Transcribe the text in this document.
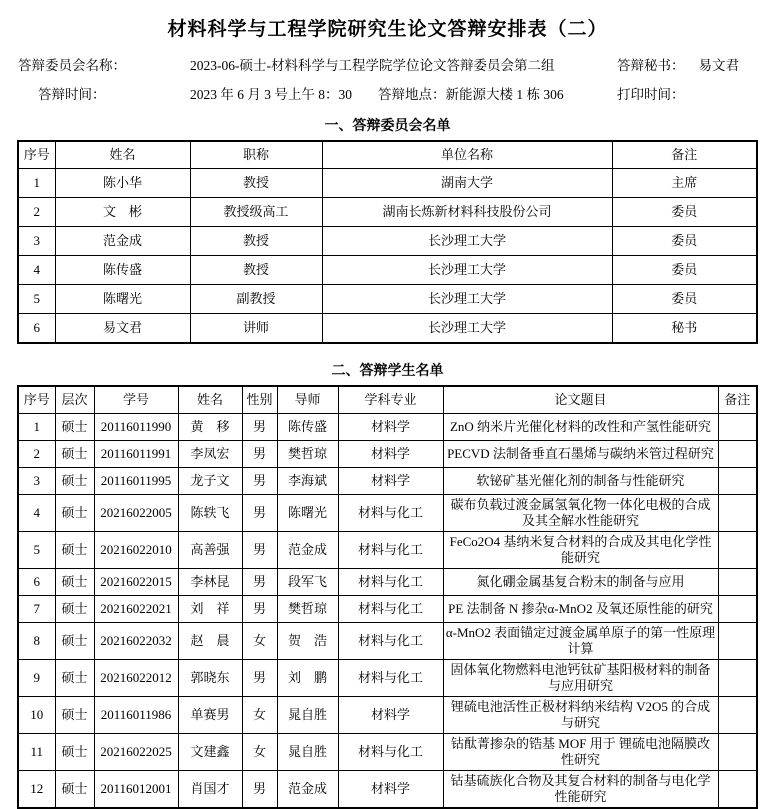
材料科学与工程学院研究生论文答辩安排表（二）
答辩委员会名称：	2023-06-硕士-材料科学与工程学院学位论文答辩委员会第二组	答辩秘书： 易文君
答辩时间：	2023 年 6 月 3 号上午 8：30 答辩地点：新能源大楼 1 栋 306	打印时间：
一、答辩委员会名单
序号	姓名	职称	单位名称	备注
1	陈小华	教授	湖南大学	主席
2	文　彬	教授级高工	湖南长炼新材料科技股份公司	委员
3	范金成	教授	长沙理工大学	委员
4	陈传盛	教授	长沙理工大学	委员
5	陈曙光	副教授	长沙理工大学	委员
6	易文君	讲师	长沙理工大学	秘书
二、答辩学生名单
序号	层次	学号	姓名	性别	导师	学科专业	论文题目	备注
1	硕士	20116011990	黄　移	男	陈传盛	材料学	ZnO 纳米片光催化材料的改性和产氢性能研究	
2	硕士	20116011991	李凤宏	男	樊哲琼	材料学	PECVD 法制备垂直石墨烯与碳纳米管过程研究	
3	硕士	20116011995	龙子文	男	李海斌	材料学	软铋矿基光催化剂的制备与性能研究	
4	硕士	20216022005	陈轶飞	男	陈曙光	材料与化工	碳布负载过渡金属氢氧化物一体化电极的合成及其全解水性能研究	
5	硕士	20216022010	高善强	男	范金成	材料与化工	FeCo2O4 基纳米复合材料的合成及其电化学性能研究	
6	硕士	20216022015	李林昆	男	段军飞	材料与化工	氮化硼金属基复合粉末的制备与应用	
7	硕士	20216022021	刘　祥	男	樊哲琼	材料与化工	PE 法制备 N 掺杂α-MnO2 及氧还原性能的研究	
8	硕士	20216022032	赵　晨	女	贺　浩	材料与化工	α-MnO2 表面锚定过渡金属单原子的第一性原理计算	
9	硕士	20216022012	郭晓东	男	刘　鹏	材料与化工	固体氧化物燃料电池钙钛矿基阳极材料的制备与应用研究	
10	硕士	20116011986	单赛男	女	晁自胜	材料学	锂硫电池活性正极材料纳米结构 V2O5 的合成与研究	
11	硕士	20216022025	文建鑫	女	晁自胜	材料与化工	钴酞菁掺杂的锆基 MOF 用于 锂硫电池隔膜改性研究	
12	硕士	20116012001	肖国才	男	范金成	材料学	钴基硫族化合物及其复合材料的制备与电化学性能研究	
